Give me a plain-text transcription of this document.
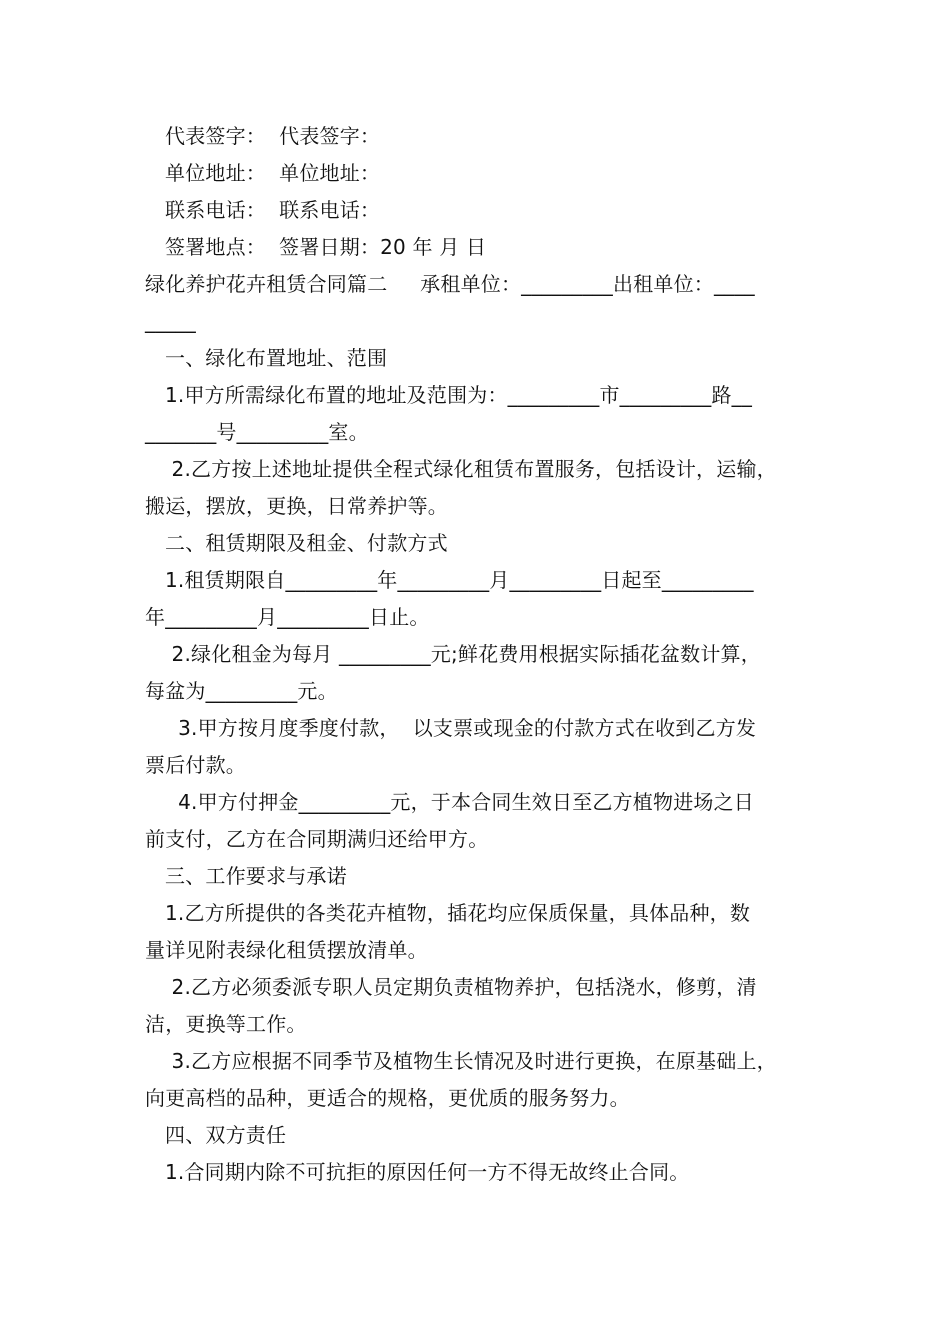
代表签字：  代表签字：
单位地址：  单位地址：
联系电话：  联系电话：
签署地点：  签署日期：20 年 月 日
绿化养护花卉租赁合同篇二     承租单位：_________出租单位：____
_____
一、绿化布置地址、范围
1.甲方所需绿化布置的地址及范围为：_________市_________路__
_______号_________室。
2.乙方按上述地址提供全程式绿化租赁布置服务，包括设计，运输，
搬运，摆放，更换，日常养护等。
二、租赁期限及租金、付款方式
1.租赁期限自_________年_________月_________日起至_________
年_________月_________日止。
2.绿化租金为每月 _________元;鲜花费用根据实际插花盆数计算，
每盆为_________元。
3.甲方按月度季度付款，  以支票或现金的付款方式在收到乙方发
票后付款。
4.甲方付押金_________元，于本合同生效日至乙方植物进场之日
前支付，乙方在合同期满归还给甲方。
三、工作要求与承诺
1.乙方所提供的各类花卉植物，插花均应保质保量，具体品种，数
量详见附表绿化租赁摆放清单。
2.乙方必须委派专职人员定期负责植物养护，包括浇水，修剪，清
洁，更换等工作。
3.乙方应根据不同季节及植物生长情况及时进行更换，在原基础上，
向更高档的品种，更适合的规格，更优质的服务努力。
四、双方责任
1.合同期内除不可抗拒的原因任何一方不得无故终止合同。
